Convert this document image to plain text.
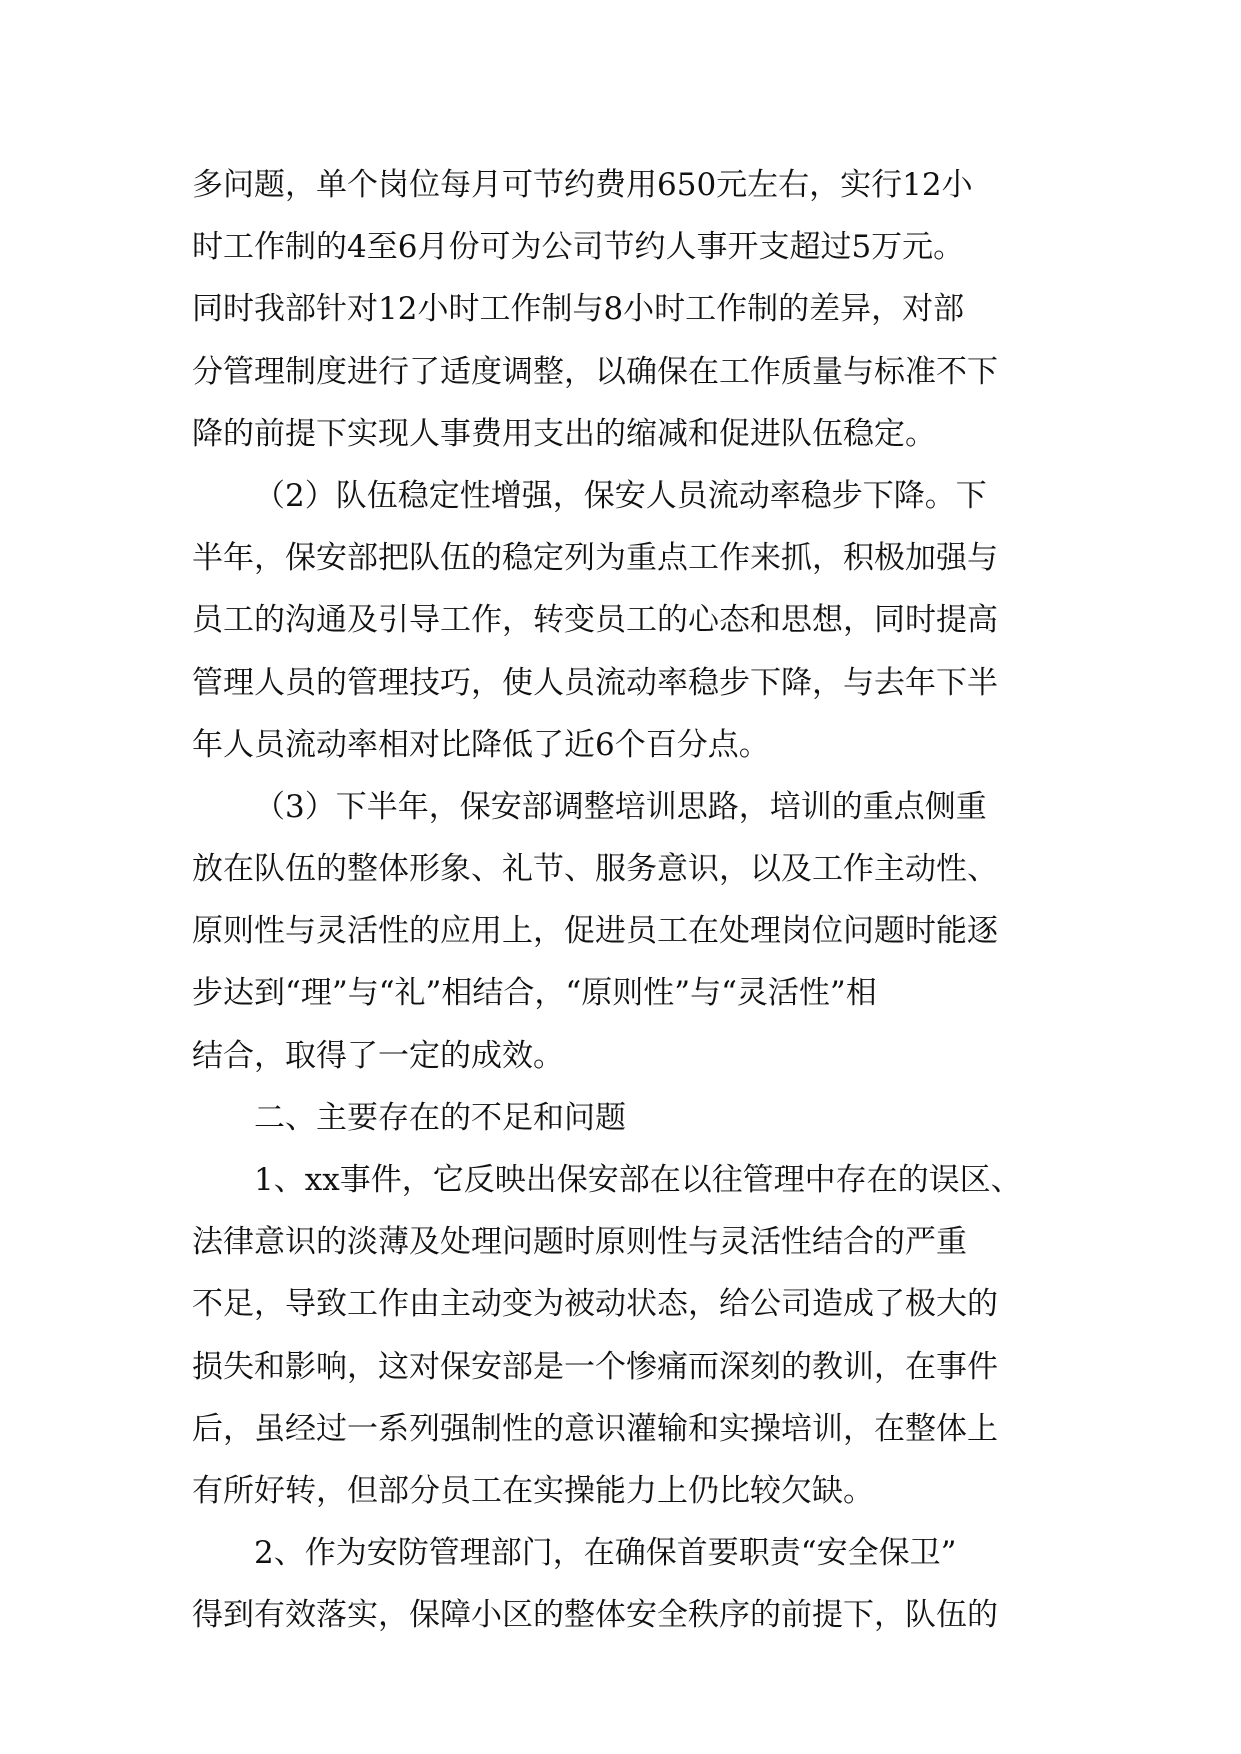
多问题，单个岗位每月可节约费用650元左右，实行12小
时工作制的4至6月份可为公司节约人事开支超过5万元。
同时我部针对12小时工作制与8小时工作制的差异，对部
分管理制度进行了适度调整，以确保在工作质量与标准不下
降的前提下实现人事费用支出的缩减和促进队伍稳定。
（2）队伍稳定性增强，保安人员流动率稳步下降。下
半年，保安部把队伍的稳定列为重点工作来抓，积极加强与
员工的沟通及引导工作，转变员工的心态和思想，同时提高
管理人员的管理技巧，使人员流动率稳步下降，与去年下半
年人员流动率相对比降低了近6个百分点。
（3）下半年，保安部调整培训思路，培训的重点侧重
放在队伍的整体形象、礼节、服务意识，以及工作主动性、
原则性与灵活性的应用上，促进员工在处理岗位问题时能逐
步达到“理”与“礼”相结合，“原则性”与“灵活性”相
结合，取得了一定的成效。
二、主要存在的不足和问题
1、xx事件，它反映出保安部在以往管理中存在的误区、
法律意识的淡薄及处理问题时原则性与灵活性结合的严重
不足，导致工作由主动变为被动状态，给公司造成了极大的
损失和影响，这对保安部是一个惨痛而深刻的教训，在事件
后，虽经过一系列强制性的意识灌输和实操培训，在整体上
有所好转，但部分员工在实操能力上仍比较欠缺。
2、作为安防管理部门，在确保首要职责“安全保卫”
得到有效落实，保障小区的整体安全秩序的前提下，队伍的
